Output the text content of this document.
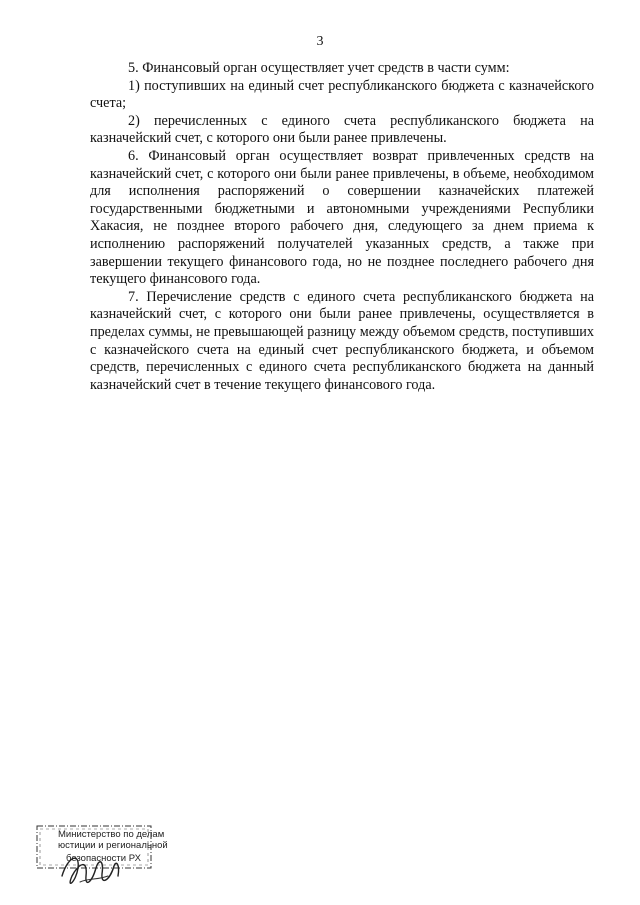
3

5. Финансовый орган осуществляет учет средств в части сумм:

1) поступивших на единый счет республиканского бюджета с казначейского счета;

2) перечисленных с единого счета республиканского бюджета на казначейский счет, с которого они были ранее привлечены.

6. Финансовый орган осуществляет возврат привлеченных средств на казначейский счет, с которого они были ранее привлечены, в объеме, необходимом для исполнения распоряжений о совершении казначейских платежей государственными бюджетными и автономными учреждениями Республики Хакасия, не позднее второго рабочего дня, следующего за днем приема к исполнению распоряжений получателей указанных средств, а также при завершении текущего финансового года, но не позднее последнего рабочего дня текущего финансового года.

7. Перечисление средств с единого счета республиканского бюджета на казначейский счет, с которого они были ранее привлечены, осуществляется в пределах суммы, не превышающей разницу между объемом средств, поступивших с казначейского счета на единый счет республиканского бюджета, и объемом средств, перечисленных с единого счета республиканского бюджета на данный казначейский счет в течение текущего финансового года.

Министерство по делам
юстиции и региональной
безопасности РХ
